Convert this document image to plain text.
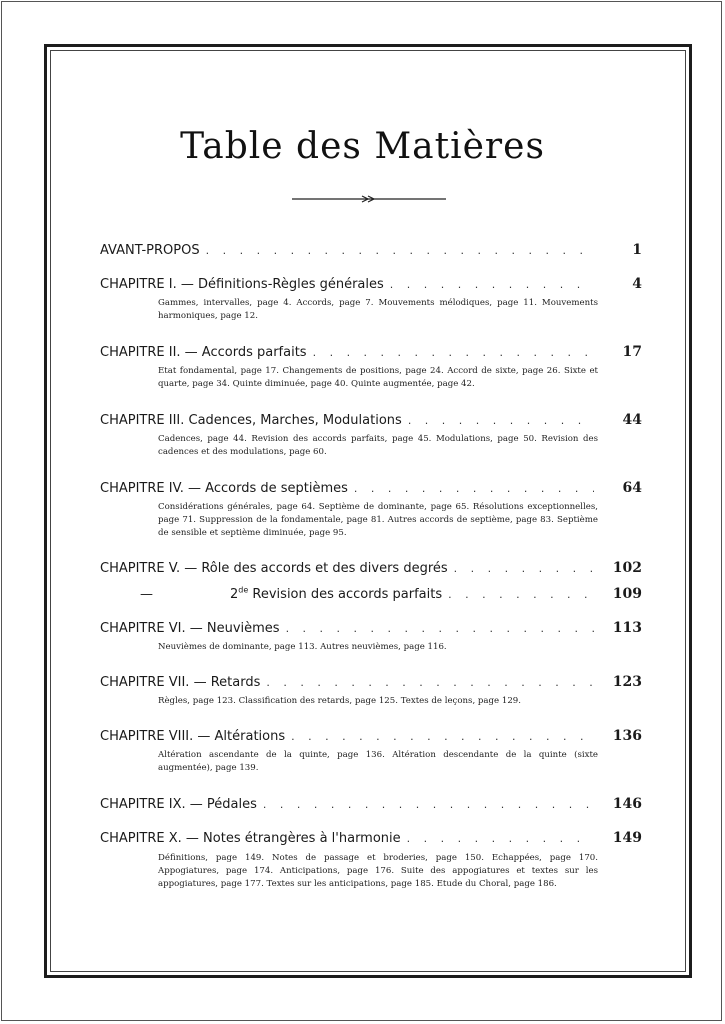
Table des Matières
AVANT-PROPOS . . .	1
CHAPITRE I. — Définitions-Règles générales . . .	4
Gammes, intervalles, page 4. Accords, page 7. Mouvements mélodiques, page 11. Mouvements harmoniques, page 12.
CHAPITRE II. — Accords parfaits . . .	17
Etat fondamental, page 17. Changements de positions, page 24. Accord de sixte, page 26. Sixte et quarte, page 34. Quinte diminuée, page 40. Quinte augmentée, page 42.
CHAPITRE III. Cadences, Marches, Modulations . . .	44
Cadences, page 44. Revision des accords parfaits, page 45. Modulations, page 50. Revision des cadences et des modulations, page 60.
CHAPITRE IV. — Accords de septièmes . . .	64
Considérations générales, page 64. Septième de dominante, page 65. Résolutions exceptionnelles, page 71. Suppression de la fondamentale, page 81. Autres accords de septième, page 83. Septième de sensible et septième diminuée, page 95.
CHAPITRE V. — Rôle des accords et des divers degrés . . .	102
—	2de Revision des accords parfaits . . .	109
CHAPITRE VI. — Neuvièmes . . .	113
Neuvièmes de dominante, page 113. Autres neuvièmes, page 116.
CHAPITRE VII. — Retards . . .	123
Règles, page 123. Classification des retards, page 125. Textes de leçons, page 129.
CHAPITRE VIII. — Altérations . . .	136
Altération ascendante de la quinte, page 136. Altération descendante de la quinte (sixte augmentée), page 139.
CHAPITRE IX. — Pédales . . .	146
CHAPITRE X. — Notes étrangères à l'harmonie . . .	149
Définitions, page 149. Notes de passage et broderies, page 150. Echappées, page 170. Appogiatures, page 174. Anticipations, page 176. Suite des appogiatures et textes sur les appogiatures, page 177. Textes sur les anticipations, page 185. Etude du Choral, page 186.
